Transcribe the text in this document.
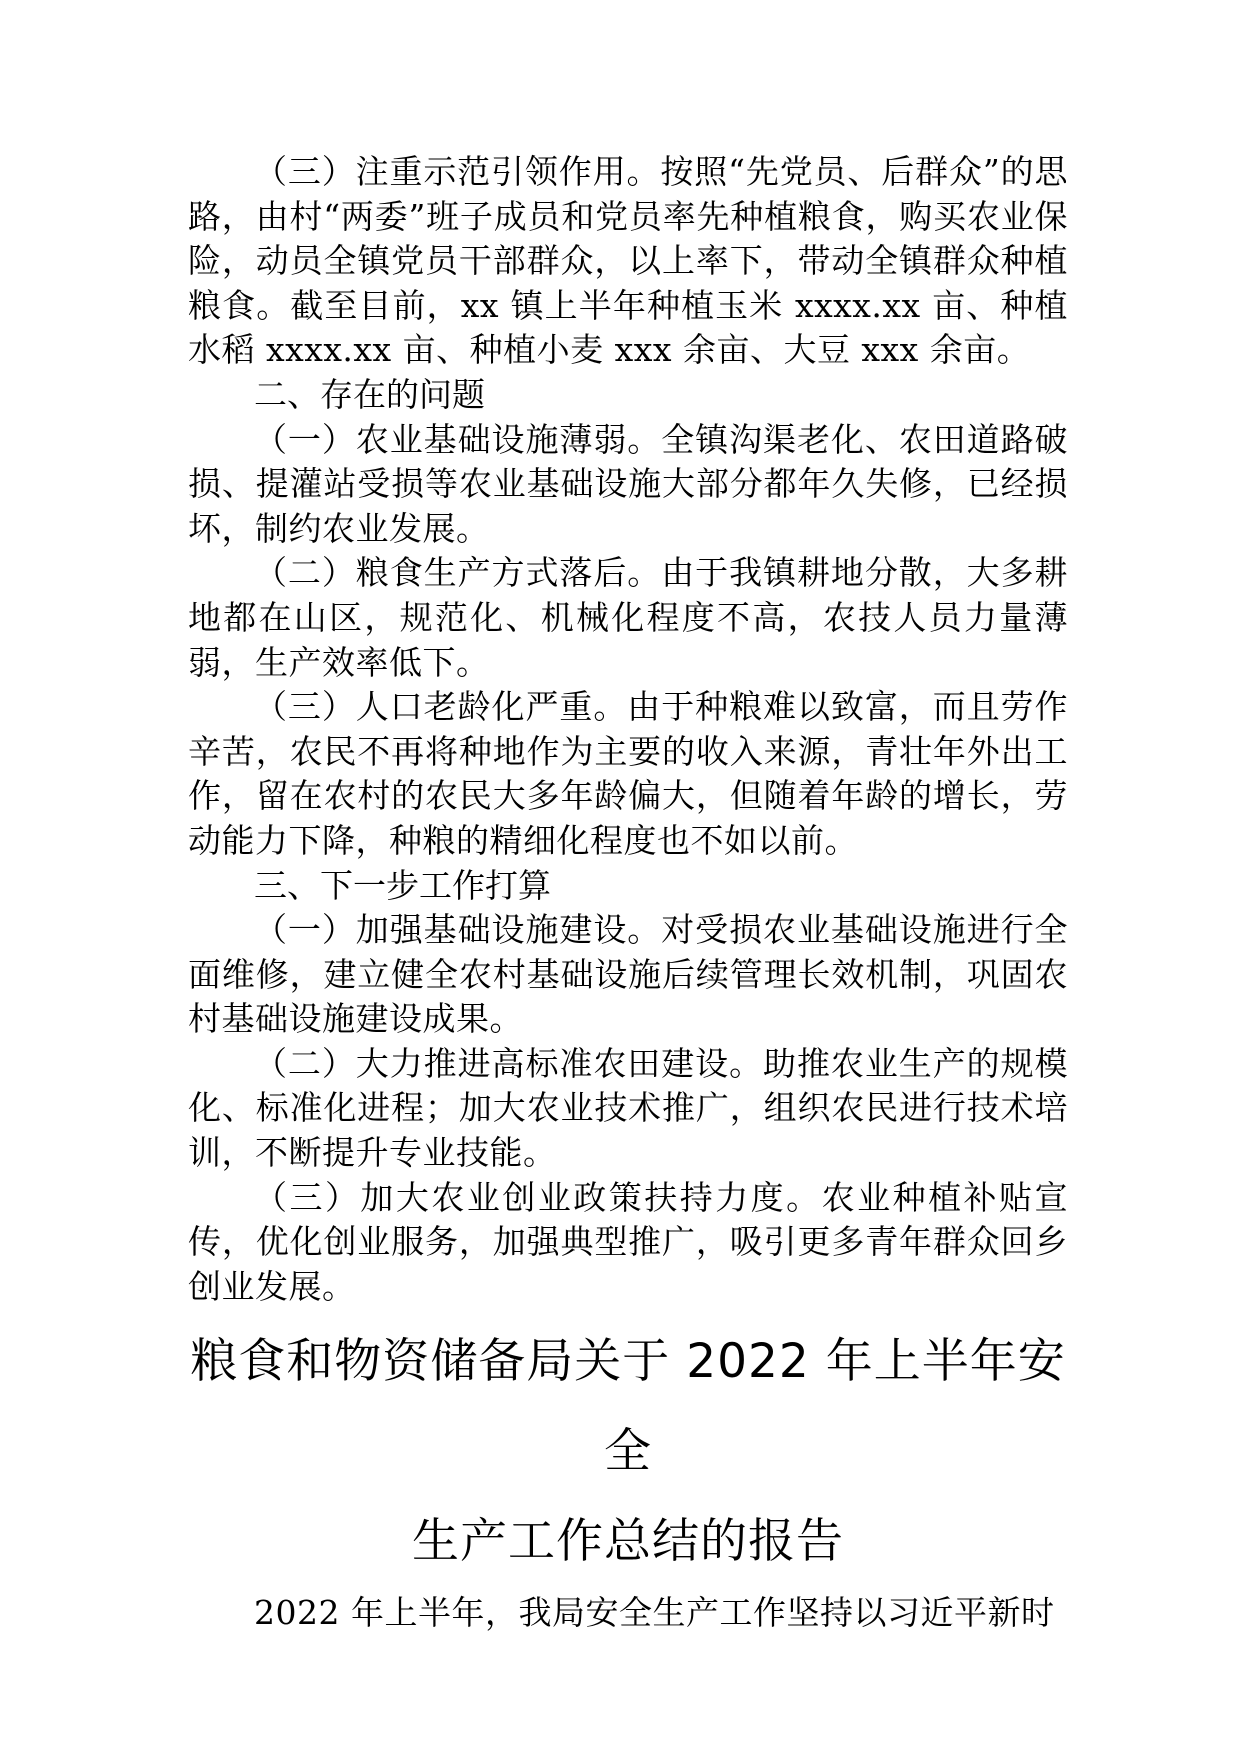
（三）注重示范引领作用。按照“先党员、后群众”的思路，由村“两委”班子成员和党员率先种植粮食，购买农业保险，动员全镇党员干部群众，以上率下，带动全镇群众种植粮食。截至目前，xx 镇上半年种植玉米 xxxx.xx 亩、种植水稻 xxxx.xx 亩、种植小麦 xxx 余亩、大豆 xxx 余亩。

二、存在的问题

（一）农业基础设施薄弱。全镇沟渠老化、农田道路破损、提灌站受损等农业基础设施大部分都年久失修，已经损坏，制约农业发展。

（二）粮食生产方式落后。由于我镇耕地分散，大多耕地都在山区，规范化、机械化程度不高，农技人员力量薄弱，生产效率低下。

（三）人口老龄化严重。由于种粮难以致富，而且劳作辛苦，农民不再将种地作为主要的收入来源，青壮年外出工作，留在农村的农民大多年龄偏大，但随着年龄的增长，劳动能力下降，种粮的精细化程度也不如以前。

三、下一步工作打算

（一）加强基础设施建设。对受损农业基础设施进行全面维修，建立健全农村基础设施后续管理长效机制，巩固农村基础设施建设成果。

（二）大力推进高标准农田建设。助推农业生产的规模化、标准化进程；加大农业技术推广，组织农民进行技术培训，不断提升专业技能。

（三）加大农业创业政策扶持力度。农业种植补贴宣传，优化创业服务，加强典型推广，吸引更多青年群众回乡创业发展。

粮食和物资储备局关于 2022 年上半年安全

生产工作总结的报告

2022 年上半年，我局安全生产工作坚持以习近平新时
